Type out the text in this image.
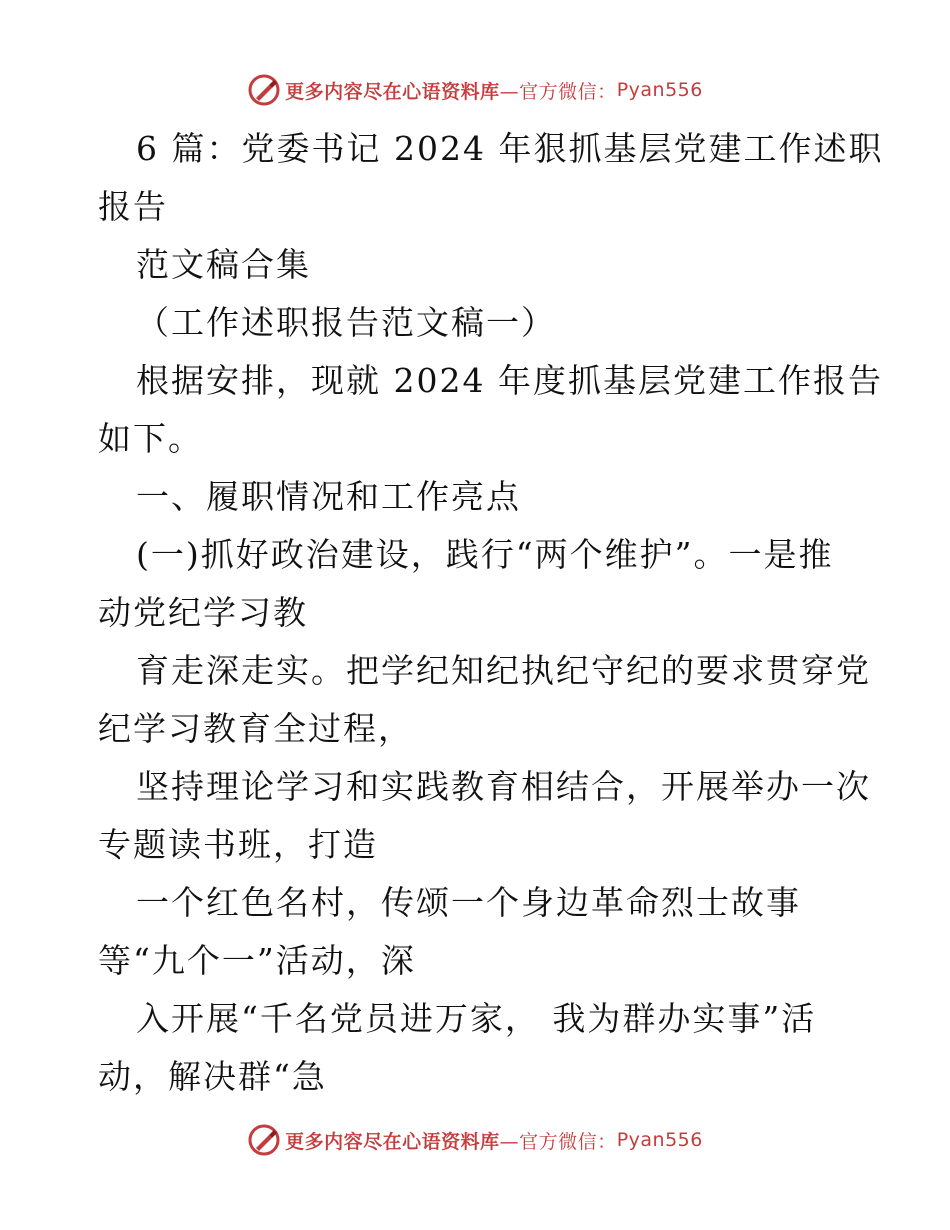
更多内容尽在心语资料库 —官方微信： Pyan556
6 篇：党委书记 2024 年狠抓基层党建工作述职
报告
范文稿合集
（工作述职报告范文稿一）
根据安排，现就 2024 年度抓基层党建工作报告
如下。
一、履职情况和工作亮点
(一)抓好政治建设，践行“两个维护”。一是推
动党纪学习教
育走深走实。把学纪知纪执纪守纪的要求贯穿党
纪学习教育全过程，
坚持理论学习和实践教育相结合，开展举办一次
专题读书班，打造
一个红色名村，传颂一个身边革命烈士故事
等“九个一”活动，深
入开展“千名党员进万家， 我为群办实事”活
动，解决群“急
更多内容尽在心语资料库 —官方微信： Pyan556
